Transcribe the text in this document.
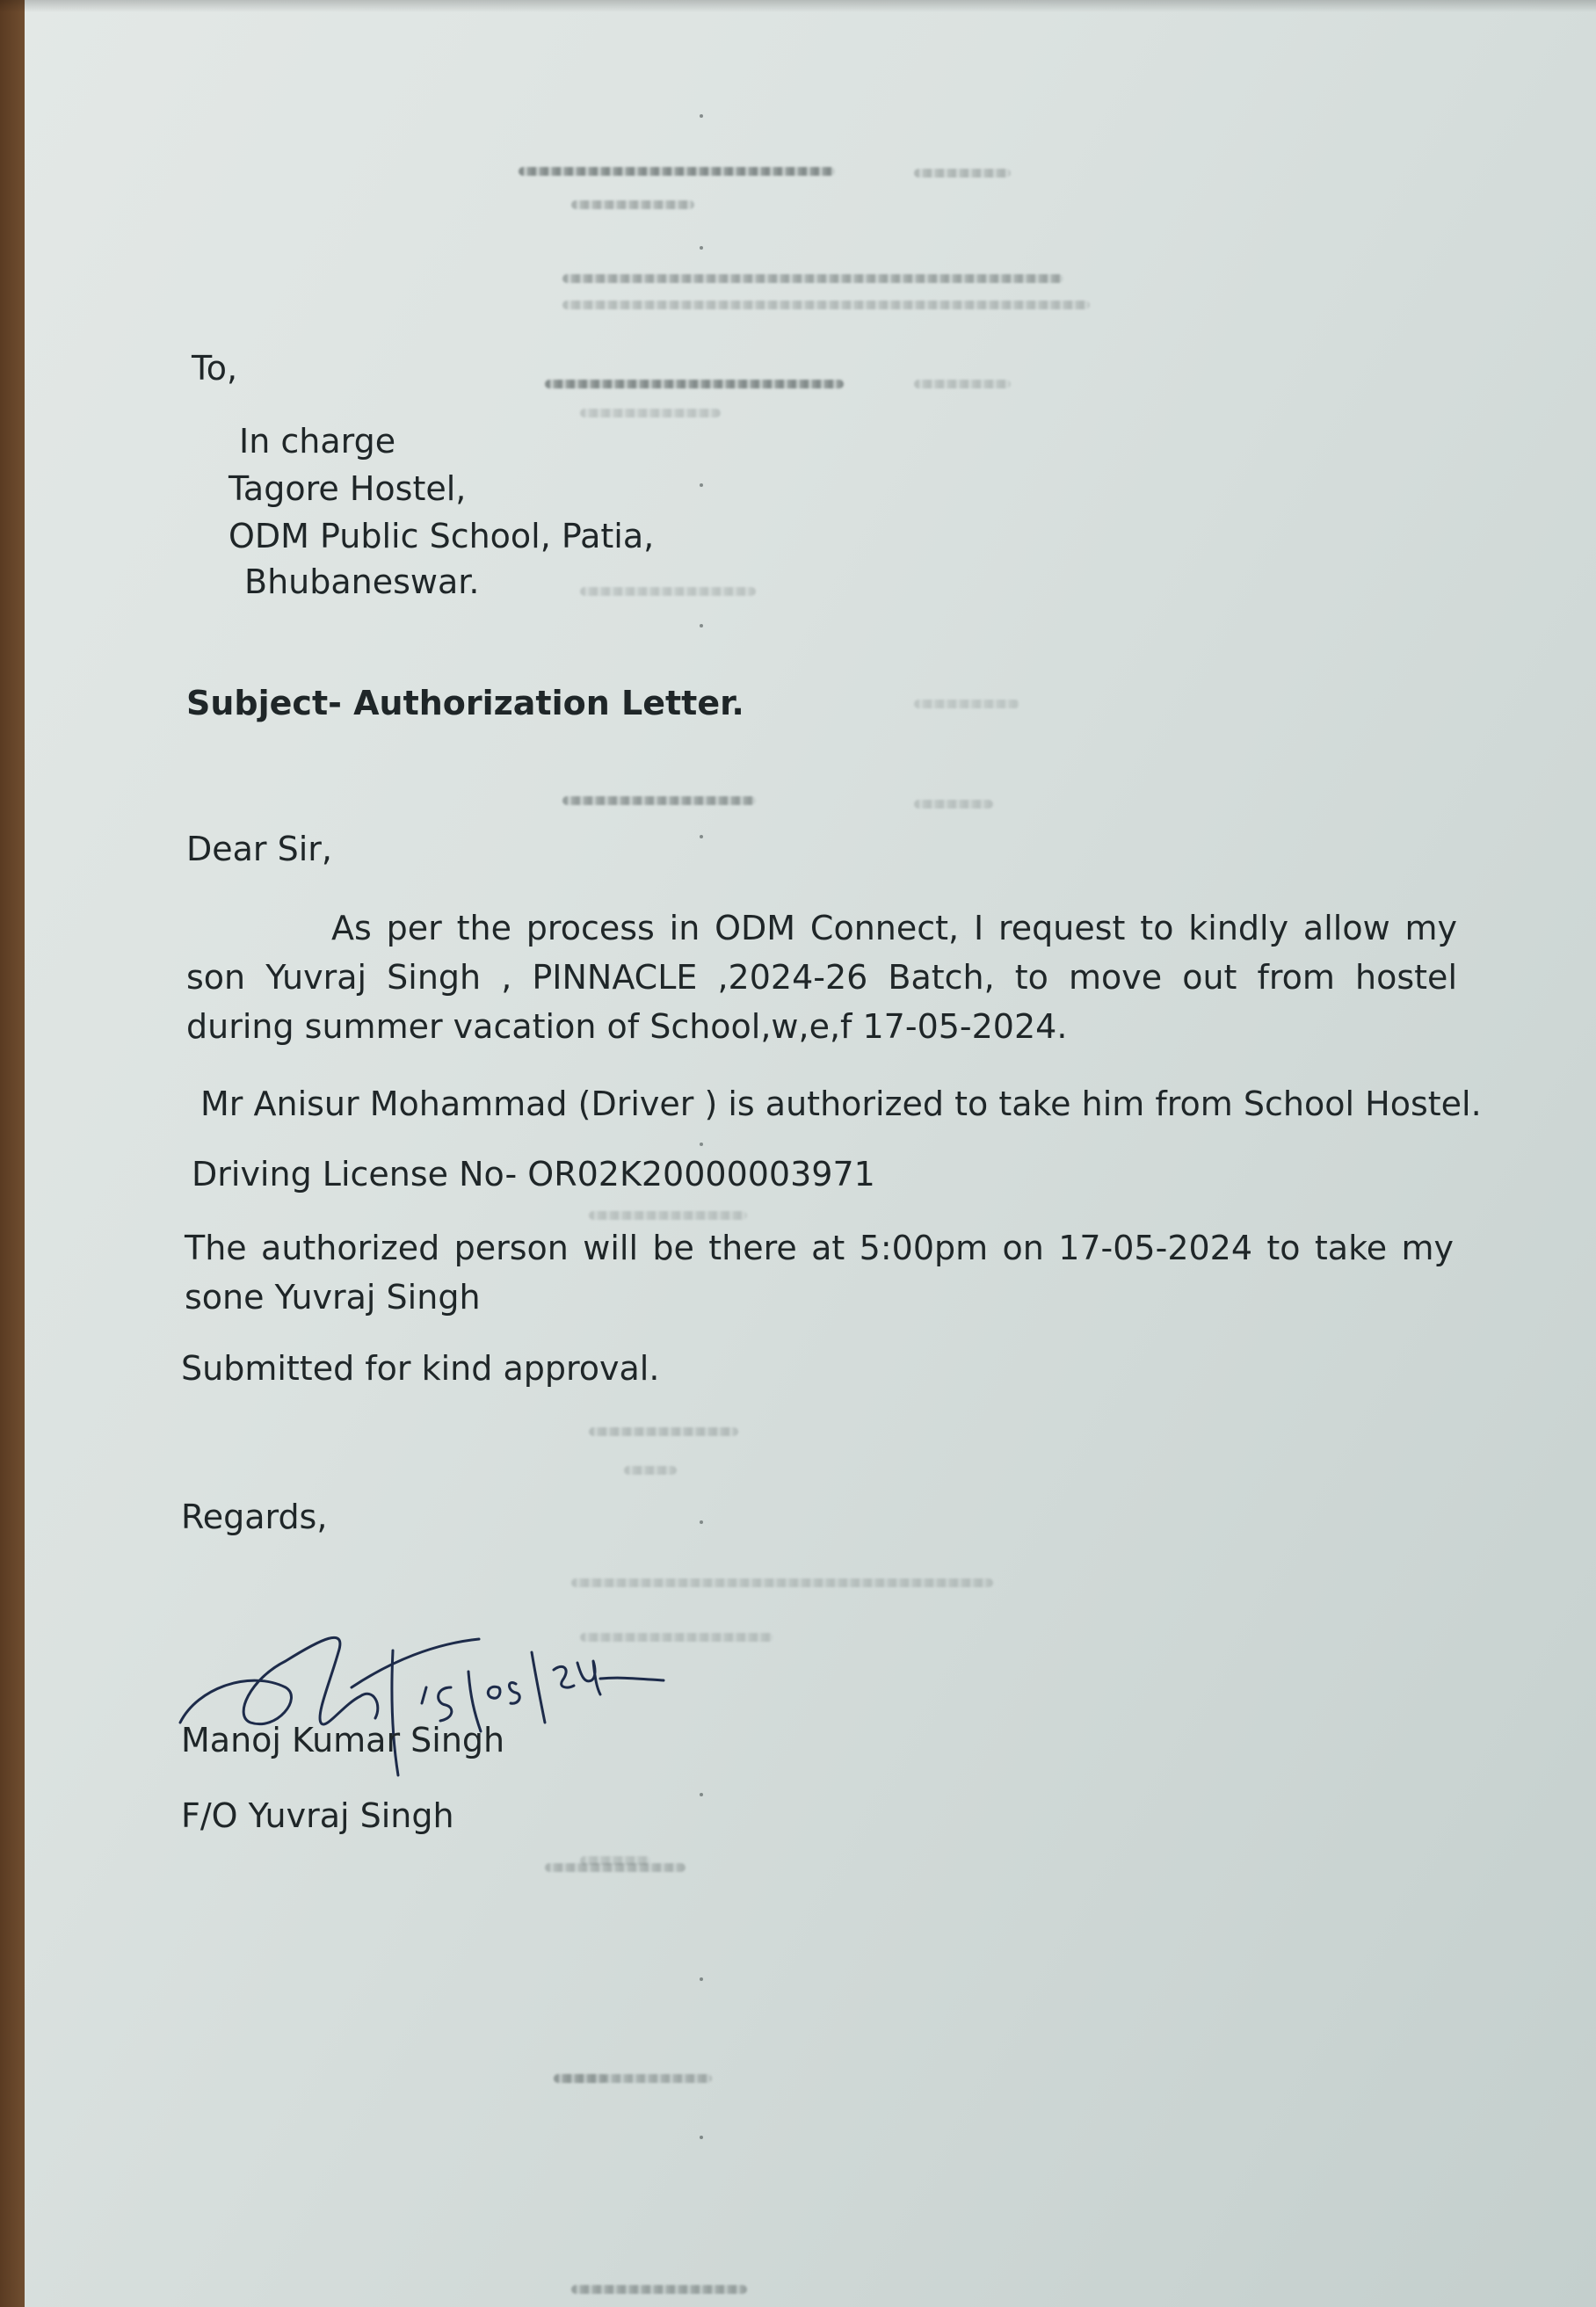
To,
In charge
Tagore Hostel,
ODM Public School, Patia,
Bhubaneswar.
Subject- Authorization Letter.
Dear Sir,
As per the process in ODM Connect, I request to kindly allow my son Yuvraj Singh , PINNACLE ,2024-26 Batch, to move out from hostel during summer vacation of School,w,e,f 17-05-2024.
Mr Anisur Mohammad (Driver ) is authorized to take him from School Hostel.
Driving License No- OR02K20000003971
The authorized person will be there at 5:00pm on 17-05-2024 to take my sone Yuvraj Singh
Submitted for kind approval.
Regards,
Manoj Kumar Singh
F/O Yuvraj Singh
